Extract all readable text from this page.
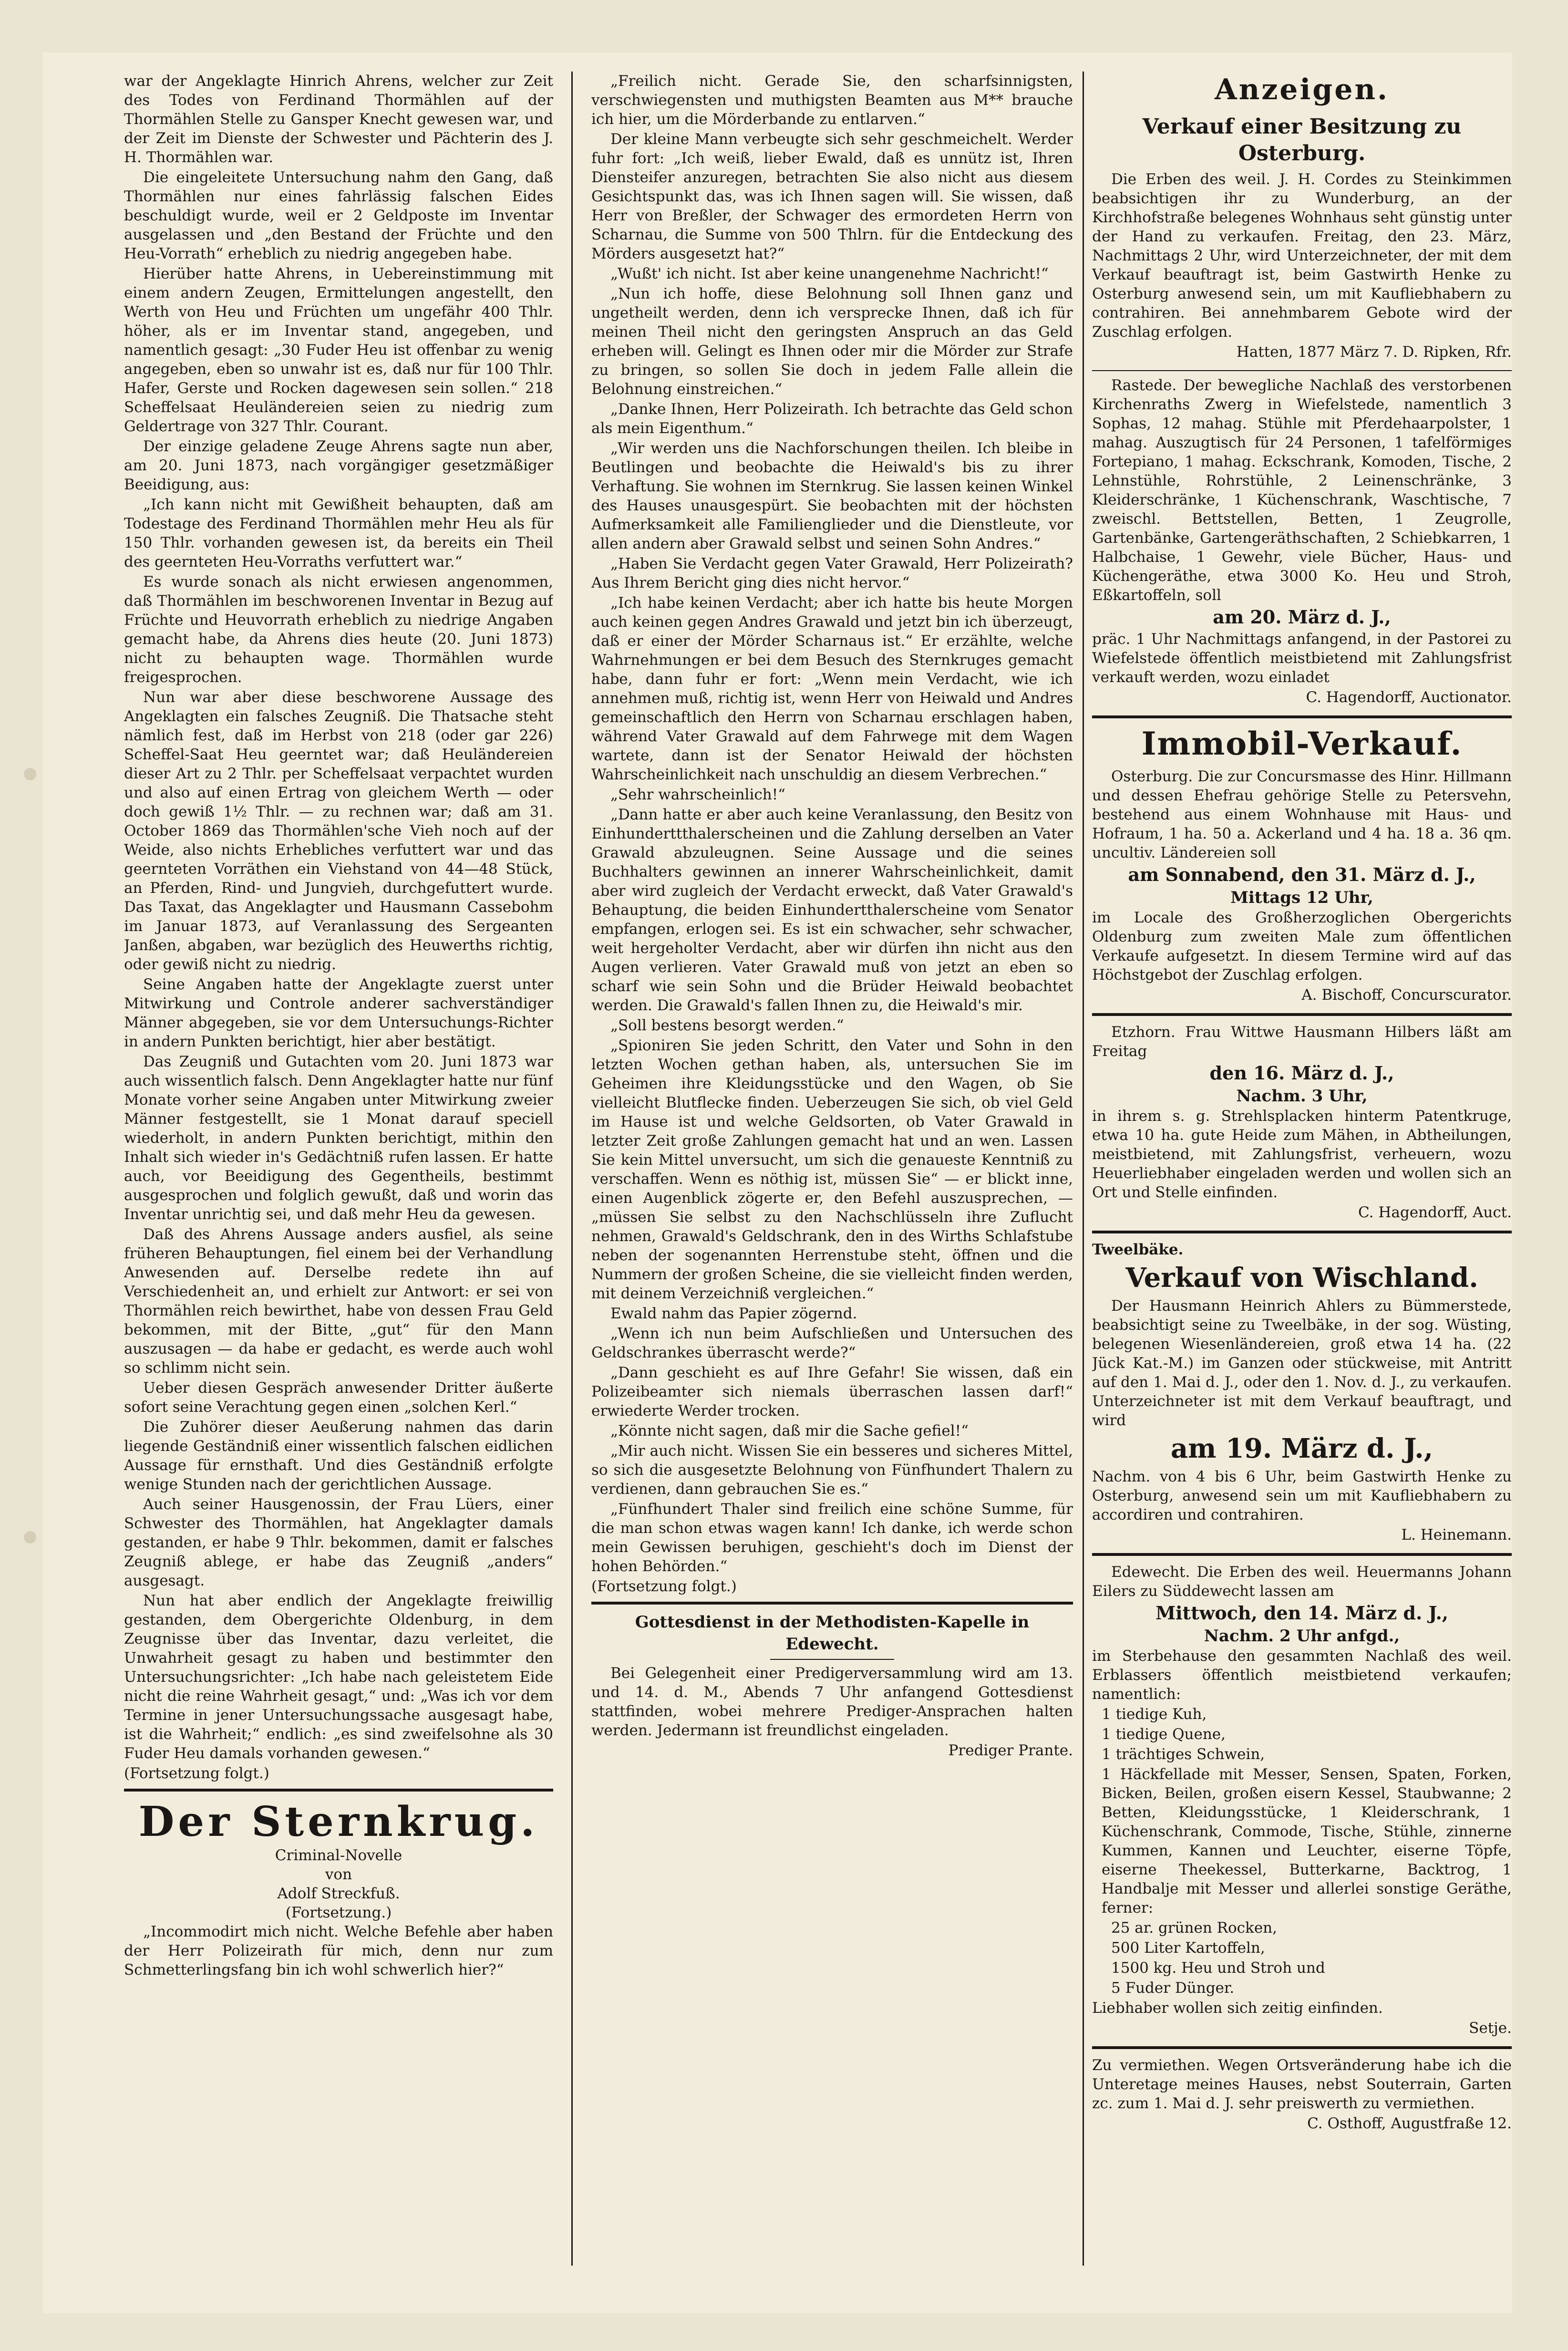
war der Angeklagte Hinrich Ahrens, welcher zur Zeit des Todes von Ferdinand Thormählen auf der Thormählen Stelle zu Gansper Knecht gewesen war, und der Zeit im Dienste der Schwester und Pächterin des J. H. Thormählen war.

Die eingeleitete Untersuchung nahm den Gang, daß Thormählen nur eines fahrlässig falschen Eides beschuldigt wurde, weil er 2 Geldposte im Inventar ausgelassen und „den Bestand der Früchte und den Heu-Vorrath“ erheblich zu niedrig angegeben habe.

Hierüber hatte Ahrens, in Uebereinstimmung mit einem andern Zeugen, Ermittelungen angestellt, den Werth von Heu und Früchten um ungefähr 400 Thlr. höher, als er im Inventar stand, angegeben, und namentlich gesagt: „30 Fuder Heu ist offenbar zu wenig angegeben, eben so unwahr ist es, daß nur für 100 Thlr. Hafer, Gerste und Rocken dagewesen sein sollen.“ 218 Scheffelsaat Heuländereien seien zu niedrig zum Geldertrage von 327 Thlr. Courant.

Der einzige geladene Zeuge Ahrens sagte nun aber, am 20. Juni 1873, nach vorgängiger gesetzmäßiger Beeidigung, aus:

„Ich kann nicht mit Gewißheit behaupten, daß am Todestage des Ferdinand Thormählen mehr Heu als für 150 Thlr. vorhanden gewesen ist, da bereits ein Theil des geernteten Heu-Vorraths verfuttert war.“

Es wurde sonach als nicht erwiesen angenommen, daß Thormählen im beschworenen Inventar in Bezug auf Früchte und Heuvorrath erheblich zu niedrige Angaben gemacht habe, da Ahrens dies heute (20. Juni 1873) nicht zu behaupten wage. Thormählen wurde freigesprochen.

Nun war aber diese beschworene Aussage des Angeklagten ein falsches Zeugniß. Die Thatsache steht nämlich fest, daß im Herbst von 218 (oder gar 226) Scheffel-Saat Heu geerntet war; daß Heuländereien dieser Art zu 2 Thlr. per Scheffelsaat verpachtet wurden und also auf einen Ertrag von gleichem Werth — oder doch gewiß 1½ Thlr. — zu rechnen war; daß am 31. October 1869 das Thormählen'sche Vieh noch auf der Weide, also nichts Erhebliches verfuttert war und das geernteten Vorräthen ein Viehstand von 44—48 Stück, an Pferden, Rind- und Jungvieh, durchgefuttert wurde. Das Taxat, das Angeklagter und Hausmann Cassebohm im Januar 1873, auf Veranlassung des Sergeanten Janßen, abgaben, war bezüglich des Heuwerths richtig, oder gewiß nicht zu niedrig.

Seine Angaben hatte der Angeklagte zuerst unter Mitwirkung und Controle anderer sachverständiger Männer abgegeben, sie vor dem Untersuchungs-Richter in andern Punkten berichtigt, hier aber bestätigt.

Das Zeugniß und Gutachten vom 20. Juni 1873 war auch wissentlich falsch. Denn Angeklagter hatte nur fünf Monate vorher seine Angaben unter Mitwirkung zweier Männer festgestellt, sie 1 Monat darauf speciell wiederholt, in andern Punkten berichtigt, mithin den Inhalt sich wieder in's Gedächtniß rufen lassen. Er hatte auch, vor Beeidigung des Gegentheils, bestimmt ausgesprochen und folglich gewußt, daß und worin das Inventar unrichtig sei, und daß mehr Heu da gewesen.

Daß des Ahrens Aussage anders ausfiel, als seine früheren Behauptungen, fiel einem bei der Verhandlung Anwesenden auf. Derselbe redete ihn auf Verschiedenheit an, und erhielt zur Antwort: er sei von Thormählen reich bewirthet, habe von dessen Frau Geld bekommen, mit der Bitte, „gut“ für den Mann auszusagen — da habe er gedacht, es werde auch wohl so schlimm nicht sein.

Ueber diesen Gespräch anwesender Dritter äußerte sofort seine Verachtung gegen einen „solchen Kerl.“

Die Zuhörer dieser Aeußerung nahmen das darin liegende Geständniß einer wissentlich falschen eidlichen Aussage für ernsthaft. Und dies Geständniß erfolgte wenige Stunden nach der gerichtlichen Aussage.

Auch seiner Hausgenossin, der Frau Lüers, einer Schwester des Thormählen, hat Angeklagter damals gestanden, er habe 9 Thlr. bekommen, damit er falsches Zeugniß ablege, er habe das Zeugniß „anders“ ausgesagt.

Nun hat aber endlich der Angeklagte freiwillig gestanden, dem Obergerichte Oldenburg, in dem Zeugnisse über das Inventar, dazu verleitet, die Unwahrheit gesagt zu haben und bestimmter den Untersuchungsrichter: „Ich habe nach geleistetem Eide nicht die reine Wahrheit gesagt,“ und: „Was ich vor dem Termine in jener Untersuchungssache ausgesagt habe, ist die Wahrheit;“ endlich: „es sind zweifelsohne als 30 Fuder Heu damals vorhanden gewesen.“

(Fortsetzung folgt.)

Der Sternkrug.

Criminal-Novelle

von

Adolf Streckfuß.

(Fortsetzung.)

„Incommodirt mich nicht. Welche Befehle aber haben der Herr Polizeirath für mich, denn nur zum Schmetterlingsfang bin ich wohl schwerlich hier?“

„Freilich nicht. Gerade Sie, den scharfsinnigsten, verschwiegensten und muthigsten Beamten aus M** brauche ich hier, um die Mörderbande zu entlarven.“

Der kleine Mann verbeugte sich sehr geschmeichelt. Werder fuhr fort: „Ich weiß, lieber Ewald, daß es unnütz ist, Ihren Diensteifer anzuregen, betrachten Sie also nicht aus diesem Gesichtspunkt das, was ich Ihnen sagen will. Sie wissen, daß Herr von Breßler, der Schwager des ermordeten Herrn von Scharnau, die Summe von 500 Thlrn. für die Entdeckung des Mörders ausgesetzt hat?“

„Wußt' ich nicht. Ist aber keine unangenehme Nachricht!“

„Nun ich hoffe, diese Belohnung soll Ihnen ganz und ungetheilt werden, denn ich versprecke Ihnen, daß ich für meinen Theil nicht den geringsten Anspruch an das Geld erheben will. Gelingt es Ihnen oder mir die Mörder zur Strafe zu bringen, so sollen Sie doch in jedem Falle allein die Belohnung einstreichen.“

„Danke Ihnen, Herr Polizeirath. Ich betrachte das Geld schon als mein Eigenthum.“

„Wir werden uns die Nachforschungen theilen. Ich bleibe in Beutlingen und beobachte die Heiwald's bis zu ihrer Verhaftung. Sie wohnen im Sternkrug. Sie lassen keinen Winkel des Hauses unausgespürt. Sie beobachten mit der höchsten Aufmerksamkeit alle Familienglieder und die Dienstleute, vor allen andern aber Grawald selbst und seinen Sohn Andres.“

„Haben Sie Verdacht gegen Vater Grawald, Herr Polizeirath? Aus Ihrem Bericht ging dies nicht hervor.“

„Ich habe keinen Verdacht; aber ich hatte bis heute Morgen auch keinen gegen Andres Grawald und jetzt bin ich überzeugt, daß er einer der Mörder Scharnaus ist.“ Er erzählte, welche Wahrnehmungen er bei dem Besuch des Sternkruges gemacht habe, dann fuhr er fort: „Wenn mein Verdacht, wie ich annehmen muß, richtig ist, wenn Herr von Heiwald und Andres gemeinschaftlich den Herrn von Scharnau erschlagen haben, während Vater Grawald auf dem Fahrwege mit dem Wagen wartete, dann ist der Senator Heiwald der höchsten Wahrscheinlichkeit nach unschuldig an diesem Verbrechen.“

„Sehr wahrscheinlich!“

„Dann hatte er aber auch keine Veranlassung, den Besitz von Einhunderttthalerscheinen und die Zahlung derselben an Vater Grawald abzuleugnen. Seine Aussage und die seines Buchhalters gewinnen an innerer Wahrscheinlichkeit, damit aber wird zugleich der Verdacht erweckt, daß Vater Grawald's Behauptung, die beiden Einhundertthalerscheine vom Senator empfangen, erlogen sei. Es ist ein schwacher, sehr schwacher, weit hergeholter Verdacht, aber wir dürfen ihn nicht aus den Augen verlieren. Vater Grawald muß von jetzt an eben so scharf wie sein Sohn und die Brüder Heiwald beobachtet werden. Die Grawald's fallen Ihnen zu, die Heiwald's mir.

„Soll bestens besorgt werden.“

„Spioniren Sie jeden Schritt, den Vater und Sohn in den letzten Wochen gethan haben, als, untersuchen Sie im Geheimen ihre Kleidungsstücke und den Wagen, ob Sie vielleicht Blutflecke finden. Ueberzeugen Sie sich, ob viel Geld im Hause ist und welche Geldsorten, ob Vater Grawald in letzter Zeit große Zahlungen gemacht hat und an wen. Lassen Sie kein Mittel unversucht, um sich die genaueste Kenntniß zu verschaffen. Wenn es nöthig ist, müssen Sie“ — er blickt inne, einen Augenblick zögerte er, den Befehl auszusprechen, — „müssen Sie selbst zu den Nachschlüsseln ihre Zuflucht nehmen, Grawald's Geldschrank, den in des Wirths Schlafstube neben der sogenannten Herrenstube steht, öffnen und die Nummern der großen Scheine, die sie vielleicht finden werden, mit deinem Verzeichniß vergleichen.“

Ewald nahm das Papier zögernd.

„Wenn ich nun beim Aufschließen und Untersuchen des Geldschrankes überrascht werde?“

„Dann geschieht es auf Ihre Gefahr! Sie wissen, daß ein Polizeibeamter sich niemals überraschen lassen darf!“ erwiederte Werder trocken.

„Könnte nicht sagen, daß mir die Sache gefiel!“

„Mir auch nicht. Wissen Sie ein besseres und sicheres Mittel, so sich die ausgesetzte Belohnung von Fünfhundert Thalern zu verdienen, dann gebrauchen Sie es.“

„Fünfhundert Thaler sind freilich eine schöne Summe, für die man schon etwas wagen kann! Ich danke, ich werde schon mein Gewissen beruhigen, geschieht's doch im Dienst der hohen Behörden.“

(Fortsetzung folgt.)

Gottesdienst in der Methodisten-Kapelle in Edewecht.

Bei Gelegenheit einer Predigerversammlung wird am 13. und 14. d. M., Abends 7 Uhr anfangend Gottesdienst stattfinden, wobei mehrere Prediger-Ansprachen halten werden. Jedermann ist freundlichst eingeladen.

Prediger Prante.

Anzeigen.

Verkauf einer Besitzung zu Osterburg.

Die Erben des weil. J. H. Cordes zu Steinkimmen beabsichtigen ihr zu Wunderburg, an der Kirchhofstraße belegenes Wohnhaus seht günstig unter der Hand zu verkaufen. Freitag, den 23. März, Nachmittags 2 Uhr, wird Unterzeichneter, der mit dem Verkauf beauftragt ist, beim Gastwirth Henke zu Osterburg anwesend sein, um mit Kaufliebhabern zu contrahiren. Bei annehmbarem Gebote wird der Zuschlag erfolgen.

Hatten, 1877 März 7. D. Ripken, Rfr.

Rastede. Der bewegliche Nachlaß des verstorbenen Kirchenraths Zwerg in Wiefelstede, namentlich 3 Sophas, 12 mahag. Stühle mit Pferdehaarpolster, 1 mahag. Auszugtisch für 24 Personen, 1 tafelförmiges Fortepiano, 1 mahag. Eckschrank, Komoden, Tische, 2 Lehnstühle, Rohrstühle, 2 Leinenschränke, 3 Kleiderschränke, 1 Küchenschrank, Waschtische, 7 zweischl. Bettstellen, Betten, 1 Zeugrolle, Gartenbänke, Gartengeräthschaften, 2 Schiebkarren, 1 Halbchaise, 1 Gewehr, viele Bücher, Haus- und Küchengeräthe, etwa 3000 Ko. Heu und Stroh, Eßkartoffeln, soll

am 20. März d. J.,

präc. 1 Uhr Nachmittags anfangend, in der Pastorei zu Wiefelstede öffentlich meistbietend mit Zahlungsfrist verkauft werden, wozu einladet

C. Hagendorff, Auctionator.

Immobil-Verkauf.

Osterburg. Die zur Concursmasse des Hinr. Hillmann und dessen Ehefrau gehörige Stelle zu Petersvehn, bestehend aus einem Wohnhause mit Haus- und Hofraum, 1 ha. 50 a. Ackerland und 4 ha. 18 a. 36 qm. uncultiv. Ländereien soll

am Sonnabend, den 31. März d. J.,

Mittags 12 Uhr,

im Locale des Großherzoglichen Obergerichts Oldenburg zum zweiten Male zum öffentlichen Verkaufe aufgesetzt. In diesem Termine wird auf das Höchstgebot der Zuschlag erfolgen.

A. Bischoff, Concurscurator.

Etzhorn. Frau Wittwe Hausmann Hilbers läßt am Freitag

den 16. März d. J.,

Nachm. 3 Uhr,

in ihrem s. g. Strehlsplacken hinterm Patentkruge, etwa 10 ha. gute Heide zum Mähen, in Abtheilungen, meistbietend, mit Zahlungsfrist, verheuern, wozu Heuerliebhaber eingeladen werden und wollen sich an Ort und Stelle einfinden.

C. Hagendorff, Auct.

Tweelbäke.

Verkauf von Wischland.

Der Hausmann Heinrich Ahlers zu Bümmerstede, beabsichtigt seine zu Tweelbäke, in der sog. Wüsting, belegenen Wiesenländereien, groß etwa 14 ha. (22 Jück Kat.-M.) im Ganzen oder stückweise, mit Antritt auf den 1. Mai d. J., oder den 1. Nov. d. J., zu verkaufen. Unterzeichneter ist mit dem Verkauf beauftragt, und wird

am 19. März d. J.,

Nachm. von 4 bis 6 Uhr, beim Gastwirth Henke zu Osterburg, anwesend sein um mit Kaufliebhabern zu accordiren und contrahiren.

L. Heinemann.

Edewecht. Die Erben des weil. Heuermanns Johann Eilers zu Süddewecht lassen am

Mittwoch, den 14. März d. J.,

Nachm. 2 Uhr anfgd.,

im Sterbehause den gesammten Nachlaß des weil. Erblassers öffentlich meistbietend verkaufen; namentlich:

1 tiedige Kuh,

1 tiedige Quene,

1 trächtiges Schwein,

1 Häckfellade mit Messer, Sensen, Spaten, Forken, Bicken, Beilen, großen eisern Kessel, Staubwanne; 2 Betten, Kleidungsstücke, 1 Kleiderschrank, 1 Küchenschrank, Commode, Tische, Stühle, zinnerne Kummen, Kannen und Leuchter, eiserne Töpfe, eiserne Theekessel, Butterkarne, Backtrog, 1 Handbalje mit Messer und allerlei sonstige Geräthe, ferner:

25 ar. grünen Rocken,

500 Liter Kartoffeln,

1500 kg. Heu und Stroh und

5 Fuder Dünger.

Liebhaber wollen sich zeitig einfinden.

Setje.

Zu vermiethen. Wegen Ortsveränderung habe ich die Unteretage meines Hauses, nebst Souterrain, Garten zc. zum 1. Mai d. J. sehr preiswerth zu vermiethen.

C. Osthoff, Augustfraße 12.
